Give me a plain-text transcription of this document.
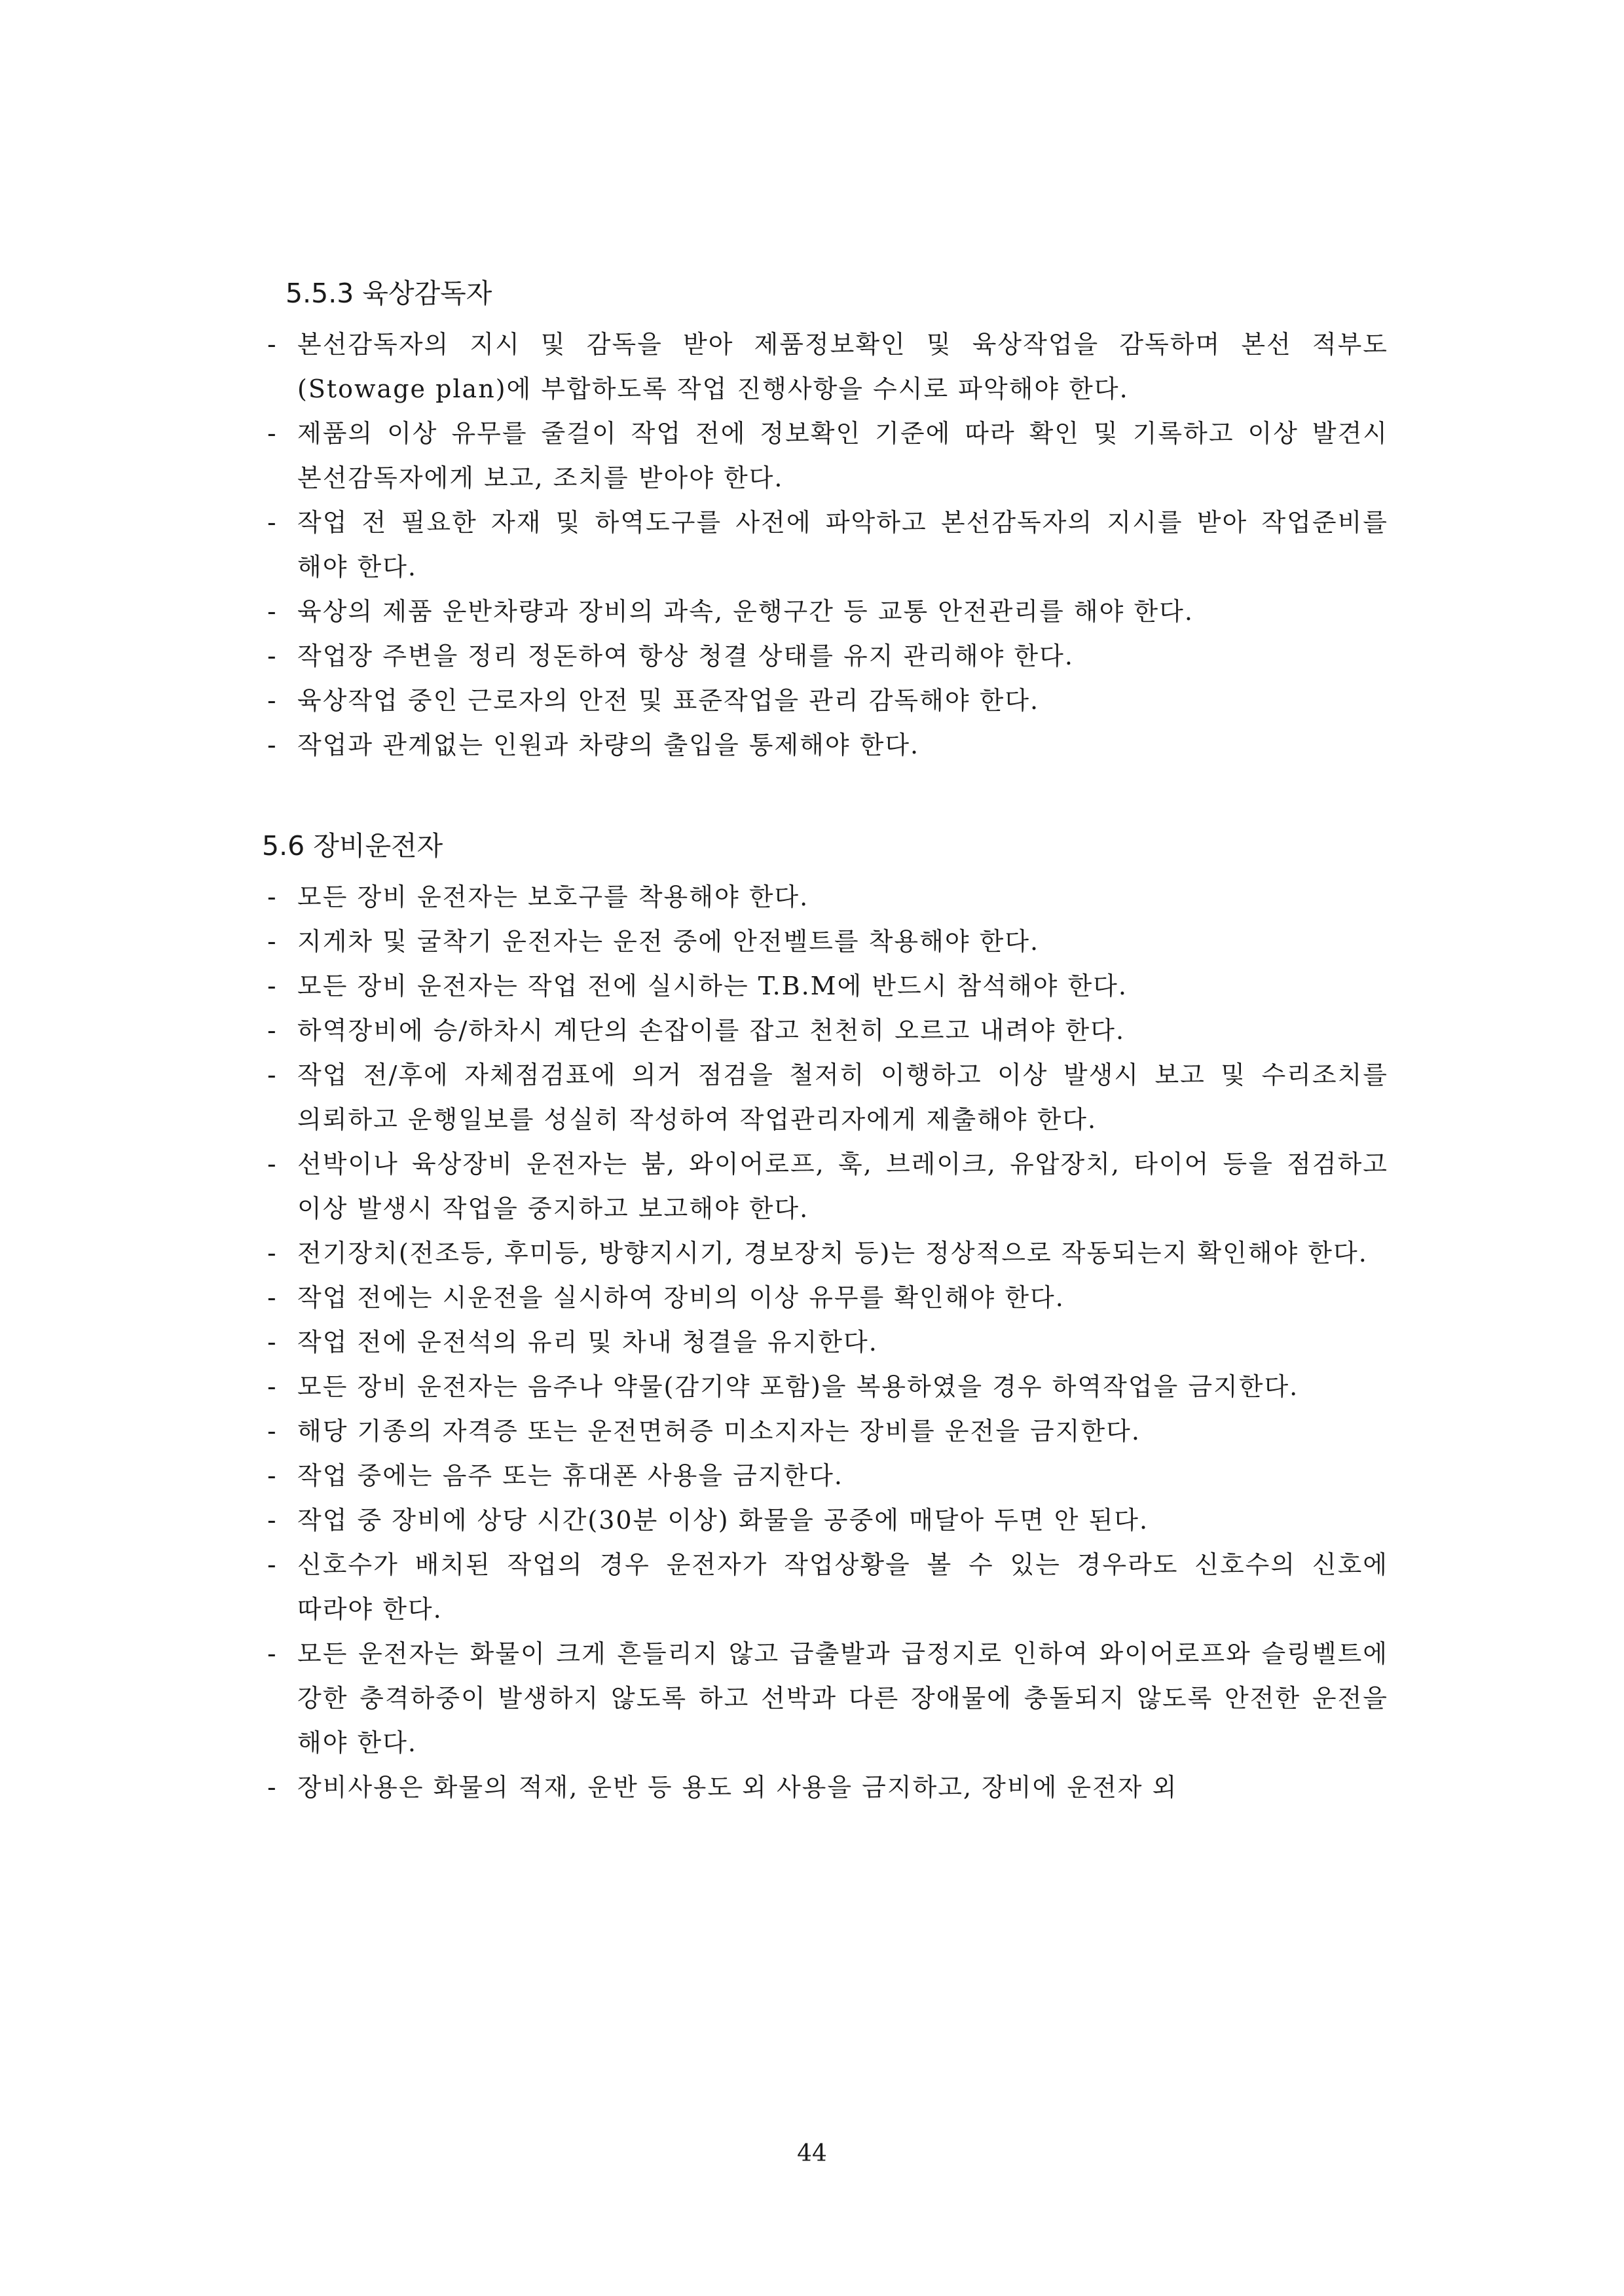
5.5.3 육상감독자
- 본선감독자의 지시 및 감독을 받아 제품정보확인 및 육상작업을 감독하며 본선 적부도(Stowage plan)에 부합하도록 작업 진행사항을 수시로 파악해야 한다.
- 제품의 이상 유무를 줄걸이 작업 전에 정보확인 기준에 따라 확인 및 기록하고 이상 발견시 본선감독자에게 보고, 조치를 받아야 한다.
- 작업 전 필요한 자재 및 하역도구를 사전에 파악하고 본선감독자의 지시를 받아 작업준비를 해야 한다.
- 육상의 제품 운반차량과 장비의 과속, 운행구간 등 교통 안전관리를 해야 한다.
- 작업장 주변을 정리 정돈하여 항상 청결 상태를 유지 관리해야 한다.
- 육상작업 중인 근로자의 안전 및 표준작업을 관리 감독해야 한다.
- 작업과 관계없는 인원과 차량의 출입을 통제해야 한다.
5.6 장비운전자
- 모든 장비 운전자는 보호구를 착용해야 한다.
- 지게차 및 굴착기 운전자는 운전 중에 안전벨트를 착용해야 한다.
- 모든 장비 운전자는 작업 전에 실시하는 T.B.M에 반드시 참석해야 한다.
- 하역장비에 승/하차시 계단의 손잡이를 잡고 천천히 오르고 내려야 한다.
- 작업 전/후에 자체점검표에 의거 점검을 철저히 이행하고 이상 발생시 보고 및 수리조치를 의뢰하고 운행일보를 성실히 작성하여 작업관리자에게 제출해야 한다.
- 선박이나 육상장비 운전자는 붐, 와이어로프, 훅, 브레이크, 유압장치, 타이어 등을 점검하고 이상 발생시 작업을 중지하고 보고해야 한다.
- 전기장치(전조등, 후미등, 방향지시기, 경보장치 등)는 정상적으로 작동되는지 확인해야 한다.
- 작업 전에는 시운전을 실시하여 장비의 이상 유무를 확인해야 한다.
- 작업 전에 운전석의 유리 및 차내 청결을 유지한다.
- 모든 장비 운전자는 음주나 약물(감기약 포함)을 복용하였을 경우 하역작업을 금지한다.
- 해당 기종의 자격증 또는 운전면허증 미소지자는 장비를 운전을 금지한다.
- 작업 중에는 음주 또는 휴대폰 사용을 금지한다.
- 작업 중 장비에 상당 시간(30분 이상) 화물을 공중에 매달아 두면 안 된다.
- 신호수가 배치된 작업의 경우 운전자가 작업상황을 볼 수 있는 경우라도 신호수의 신호에 따라야 한다.
- 모든 운전자는 화물이 크게 흔들리지 않고 급출발과 급정지로 인하여 와이어로프와 슬링벨트에 강한 충격하중이 발생하지 않도록 하고 선박과 다른 장애물에 충돌되지 않도록 안전한 운전을 해야 한다.
- 장비사용은 화물의 적재, 운반 등 용도 외 사용을 금지하고, 장비에 운전자 외
44
